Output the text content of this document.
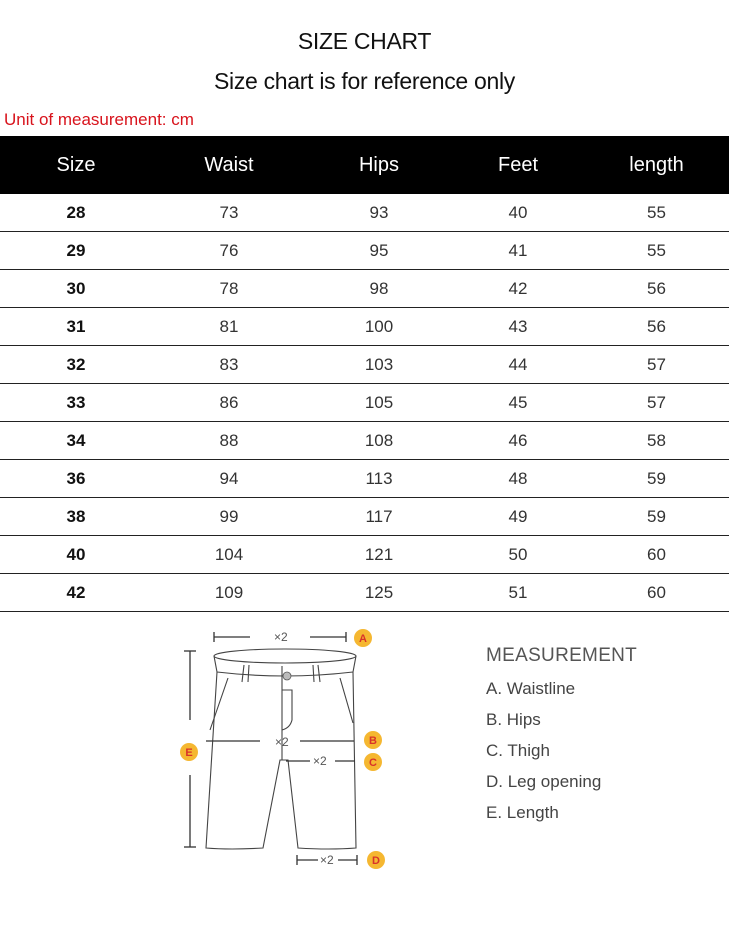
SIZE CHART
Size chart is for reference only
Unit of measurement: cm
Size	Waist	Hips	Feet	length
28	73	93	40	55
29	76	95	41	55
30	78	98	42	56
31	81	100	43	56
32	83	103	44	57
33	86	105	45	57
34	88	108	46	58
36	94	113	48	59
38	99	117	49	59
40	104	121	50	60
42	109	125	51	60
×2
×2
×2
×2
A
B
C
D
E
MEASUREMENT
A. Waistline
B. Hips
C. Thigh
D. Leg opening
E. Length
